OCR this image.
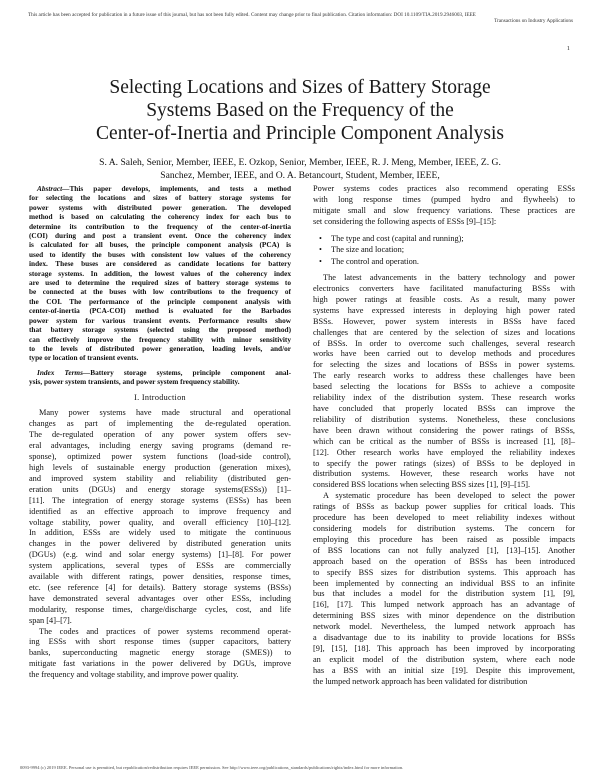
This article has been accepted for publication in a future issue of this journal, but has not been fully edited. Content may change prior to final publication. Citation information: DOI 10.1109/TIA.2019.2946003, IEEE
Transactions on Industry Applications
1
Selecting Locations and Sizes of Battery Storage
Systems Based on the Frequency of the
Center-of-Inertia and Principle Component Analysis
S. A. Saleh, Senior, Member, IEEE, E. Ozkop, Senior, Member, IEEE, R. J. Meng, Member, IEEE, Z. G.
Sanchez, Member, IEEE, and O. A. Betancourt, Student, Member, IEEE,
Abstract—This paper develops, implements, and tests a method
for selecting the locations and sizes of battery storage systems for
power systems with distributed power generation. The developed
method is based on calculating the coherency index for each bus to
determine its contribution to the frequency of the center-of-inertia
(COI) during and post a transient event. Once the coherency index
is calculated for all buses, the principle component analysis (PCA) is
used to identify the buses with consistent low values of the coherency
index. These buses are considered as candidate locations for battery
storage systems. In addition, the lowest values of the coherency index
are used to determine the required sizes of battery storage systems to
be connected at the buses with low contributions to the frequency of
the COI. The performance of the principle component analysis with
center-of-inertia (PCA-COI) method is evaluated for the Barbados
power system for various transient events. Performance results show
that battery storage systems (selected using the proposed method)
can effectively improve the frequency stability with minor sensitivity
to the levels of distributed power generation, loading levels, and/or
type or location of transient events.
Index Terms—Battery storage systems, principle component anal-
ysis, power system transients, and power system frequency stability.
I. Introduction
Many power systems have made structural and operational
changes as part of implementing the de-regulated operation.
The de-regulated operation of any power system offers sev-
eral advantages, including energy saving programs (demand re-
sponse), optimized power system functions (load-side control),
high levels of sustainable energy production (generation mixes),
and improved system stability and reliability (distributed gen-
eration units (DGUs) and energy storage systems(ESSs)) [1]–
[11]. The integration of energy storage systems (ESSs) has been
identified as an effective approach to improve frequency and
voltage stability, power quality, and overall efficiency [10]–[12].
In addition, ESSs are widely used to mitigate the continuous
changes in the power delivered by distributed generation units
(DGUs) (e.g. wind and solar energy systems) [1]–[8]. For power
system applications, several types of ESSs are commercially
available with different ratings, power densities, response times,
etc. (see reference [4] for details). Battery storage systems (BSSs)
have demonstrated several advantages over other ESSs, including
modularity, response times, charge/discharge cycles, cost, and life
span [4]–[7].
The codes and practices of power systems recommend operat-
ing ESSs with short response times (supper capacitors, battery
banks, superconducting magnetic energy storage (SMES)) to
mitigate fast variations in the power delivered by DGUs, improve
the frequency and voltage stability, and improve power quality.
Power systems codes practices also recommend operating ESSs
with long response times (pumped hydro and flywheels) to
mitigate small and slow frequency variations. These practices are
set considering the following aspects of ESSs [9]–[15]:
• The type and cost (capital and running);
• The size and location;
• The control and operation.
The latest advancements in the battery technology and power
electronics converters have facilitated manufacturing BSSs with
high power ratings at feasible costs. As a result, many power
systems have expressed interests in deploying high power rated
BSSs. However, power system interests in BSSs have faced
challenges that are centered by the selection of sizes and locations
of BSSs. In order to overcome such challenges, several research
works have been carried out to develop methods and procedures
for selecting the sizes and locations of BSSs in power systems.
The early research works to address these challenges have been
based selecting the locations for BSSs to achieve a composite
reliability index of the distribution system. These research works
have concluded that properly located BSSs can improve the
reliability of distribution systems. Nonetheless, these conclusions
have been drawn without considering the power ratings of BSSs,
which can be critical as the number of BSSs is increased [1], [8]–
[12]. Other research works have employed the reliability indexes
to specify the power ratings (sizes) of BSSs to be deployed in
distribution systems. However, these research works have not
considered BSS locations when selecting BSS sizes [1], [9]–[15].
A systematic procedure has been developed to select the power
ratings of BSSs as backup power supplies for critical loads. This
procedure has been developed to meet reliability indexes without
considering models for distribution systems. The concern for
employing this procedure has been raised as possible impacts
of BSS locations can not fully analyzed [1], [13]–[15]. Another
approach based on the operation of BSSs has been introduced
to specify BSS sizes for distribution systems. This approach has
been implemented by connecting an individual BSS to an infinite
bus that includes a model for the distribution system [1], [9],
[16], [17]. This lumped network approach has an advantage of
determining BSS sizes with minor dependence on the distribution
network model. Nevertheless, the lumped network approach has
a disadvantage due to its inability to provide locations for BSSs
[9], [15], [18]. This approach has been improved by incorporating
an explicit model of the distribution system, where each node
has a BSS with an initial size [19]. Despite this improvement,
the lumped network approach has been validated for distribution
0093-9994 (c) 2019 IEEE. Personal use is permitted, but republication/redistribution requires IEEE permission. See http://www.ieee.org/publications_standards/publications/rights/index.html for more information.
